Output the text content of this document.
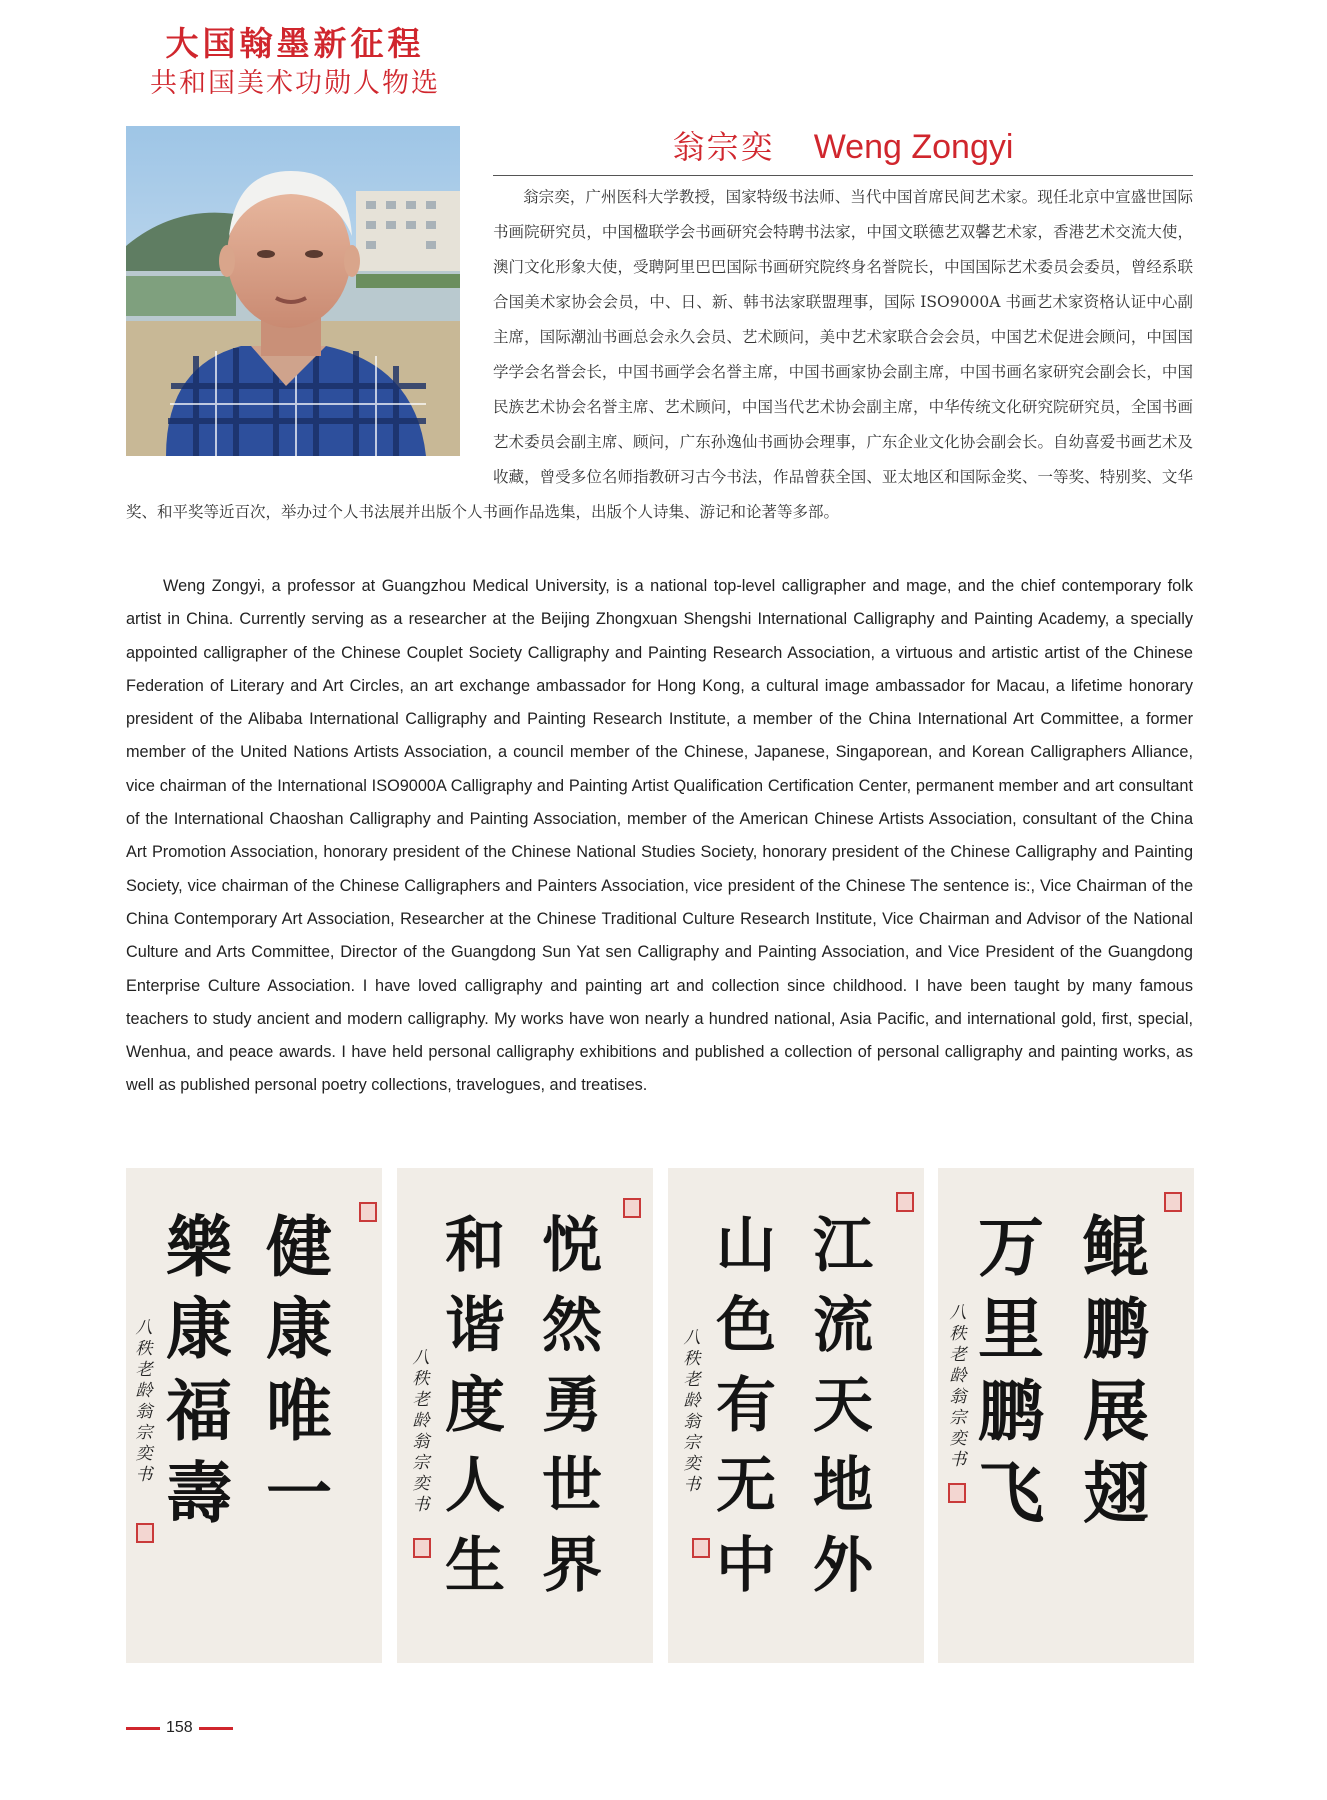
大国翰墨新征程
共和国美术功勋人物选
翁宗奕 Weng Zongyi

翁宗奕，广州医科大学教授，国家特级书法师、当代中国首席民间艺术家。现任北京中宣盛世国际书画院研究员，中国楹联学会书画研究会特聘书法家，中国文联德艺双馨艺术家，香港艺术交流大使，澳门文化形象大使，受聘阿里巴巴国际书画研究院终身名誉院长，中国国际艺术委员会委员，曾经系联合国美术家协会会员，中、日、新、韩书法家联盟理事，国际 ISO9000A 书画艺术家资格认证中心副主席，国际潮汕书画总会永久会员、艺术顾问，美中艺术家联合会会员，中国艺术促进会顾问，中国国学学会名誉会长，中国书画学会名誉主席，中国书画家协会副主席，中国书画名家研究会副会长，中国民族艺术协会名誉主席、艺术顾问，中国当代艺术协会副主席，中华传统文化研究院研究员，全国书画艺术委员会副主席、顾问，广东孙逸仙书画协会理事，广东企业文化协会副会长。自幼喜爱书画艺术及收藏，曾受多位名师指教研习古今书法，作品曾获全国、亚太地区和国际金奖、一等奖、特别奖、文华奖、和平奖等近百次，举办过个人书法展并出版个人书画作品选集，出版个人诗集、游记和论著等多部。

Weng Zongyi, a professor at Guangzhou Medical University, is a national top-level calligrapher and mage, and the chief contemporary folk artist in China. Currently serving as a researcher at the Beijing Zhongxuan Shengshi International Calligraphy and Painting Academy, a specially appointed calligrapher of the Chinese Couplet Society Calligraphy and Painting Research Association, a virtuous and artistic artist of the Chinese Federation of Literary and Art Circles, an art exchange ambassador for Hong Kong, a cultural image ambassador for Macau, a lifetime honorary president of the Alibaba International Calligraphy and Painting Research Institute, a member of the China International Art Committee, a former member of the United Nations Artists Association, a council member of the Chinese, Japanese, Singaporean, and Korean Calligraphers Alliance, vice chairman of the International ISO9000A Calligraphy and Painting Artist Qualification Certification Center, permanent member and art consultant of the International Chaoshan Calligraphy and Painting Association, member of the American Chinese Artists Association, consultant of the China Art Promotion Association, honorary president of the Chinese National Studies Society, honorary president of the Chinese Calligraphy and Painting Society, vice chairman of the Chinese Calligraphers and Painters Association, vice president of the Chinese The sentence is:, Vice Chairman of the China Contemporary Art Association, Researcher at the Chinese Traditional Culture Research Institute, Vice Chairman and Advisor of the National Culture and Arts Committee, Director of the Guangdong Sun Yat sen Calligraphy and Painting Association, and Vice President of the Guangdong Enterprise Culture Association. I have loved calligraphy and painting art and collection since childhood. I have been taught by many famous teachers to study ancient and modern calligraphy. My works have won nearly a hundred national, Asia Pacific, and international gold, first, special, Wenhua, and peace awards. I have held personal calligraphy exhibitions and published a collection of personal calligraphy and painting works, as well as published personal poetry collections, travelogues, and treatises.

健康唯一
樂康福壽
八秩老龄翁宗奕书
悦然勇世界
和谐度人生
八秩老龄翁宗奕书
江流天地外
山色有无中
八秩老龄翁宗奕书
鲲鹏展翅
万里鹏飞
八秩老龄翁宗奕书
158
